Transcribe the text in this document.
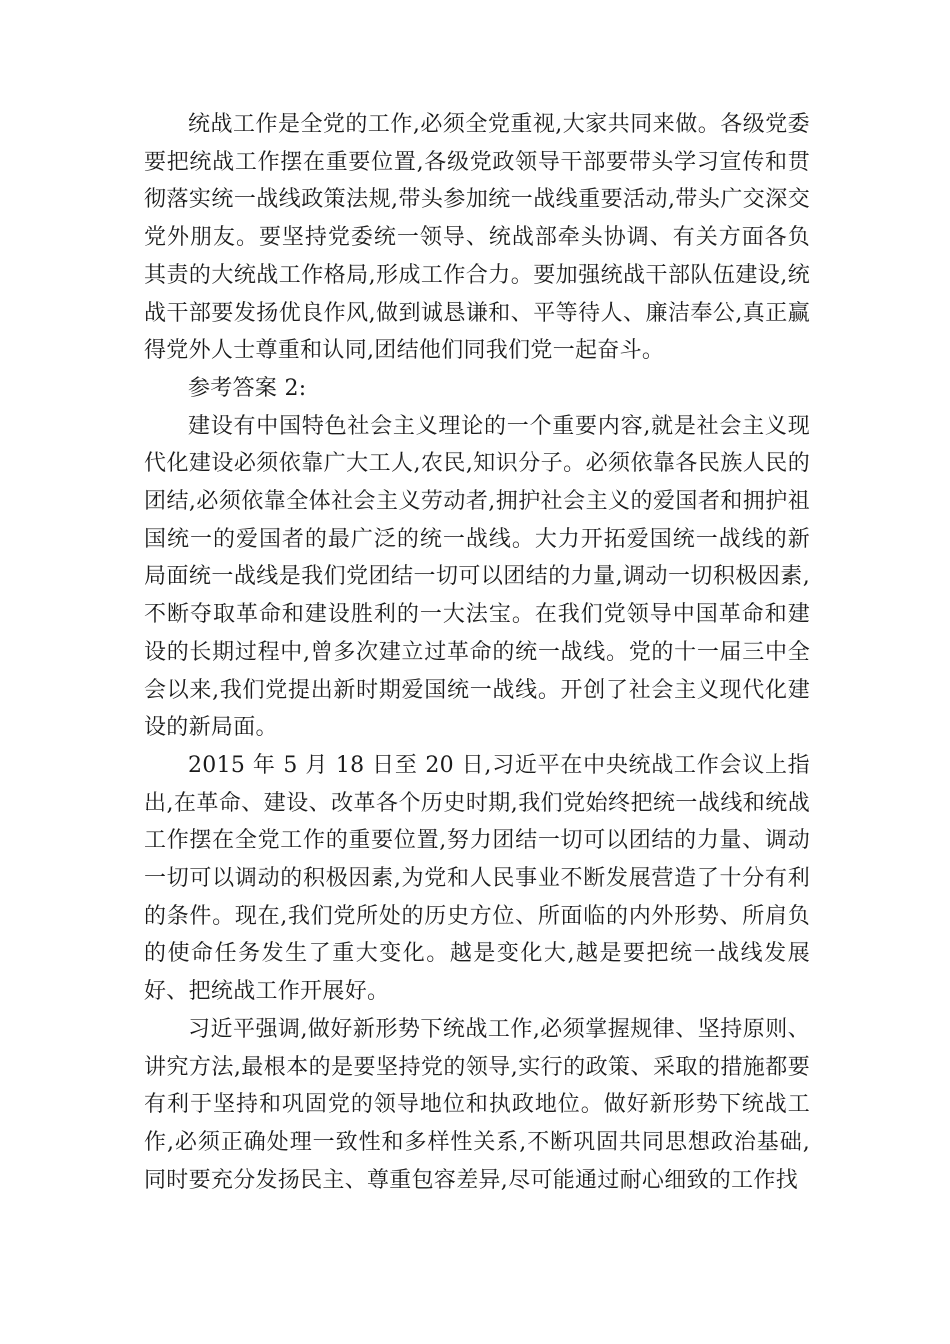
统战工作是全党的工作,必须全党重视,大家共同来做。各级党委要把统战工作摆在重要位置,各级党政领导干部要带头学习宣传和贯彻落实统一战线政策法规,带头参加统一战线重要活动,带头广交深交党外朋友。要坚持党委统一领导、统战部牵头协调、有关方面各负其责的大统战工作格局,形成工作合力。要加强统战干部队伍建设,统战干部要发扬优良作风,做到诚恳谦和、平等待人、廉洁奉公,真正赢得党外人士尊重和认同,团结他们同我们党一起奋斗。

参考答案 2:

建设有中国特色社会主义理论的一个重要内容,就是社会主义现代化建设必须依靠广大工人,农民,知识分子。必须依靠各民族人民的团结,必须依靠全体社会主义劳动者,拥护社会主义的爱国者和拥护祖国统一的爱国者的最广泛的统一战线。大力开拓爱国统一战线的新局面统一战线是我们党团结一切可以团结的力量,调动一切积极因素,不断夺取革命和建设胜利的一大法宝。在我们党领导中国革命和建设的长期过程中,曾多次建立过革命的统一战线。党的十一届三中全会以来,我们党提出新时期爱国统一战线。开创了社会主义现代化建设的新局面。

2015 年 5 月 18 日至 20 日,习近平在中央统战工作会议上指出,在革命、建设、改革各个历史时期,我们党始终把统一战线和统战工作摆在全党工作的重要位置,努力团结一切可以团结的力量、调动一切可以调动的积极因素,为党和人民事业不断发展营造了十分有利的条件。现在,我们党所处的历史方位、所面临的内外形势、所肩负的使命任务发生了重大变化。越是变化大,越是要把统一战线发展好、把统战工作开展好。

习近平强调,做好新形势下统战工作,必须掌握规律、坚持原则、讲究方法,最根本的是要坚持党的领导,实行的政策、采取的措施都要有利于坚持和巩固党的领导地位和执政地位。做好新形势下统战工作,必须正确处理一致性和多样性关系,不断巩固共同思想政治基础,同时要充分发扬民主、尊重包容差异,尽可能通过耐心细致的工作找
